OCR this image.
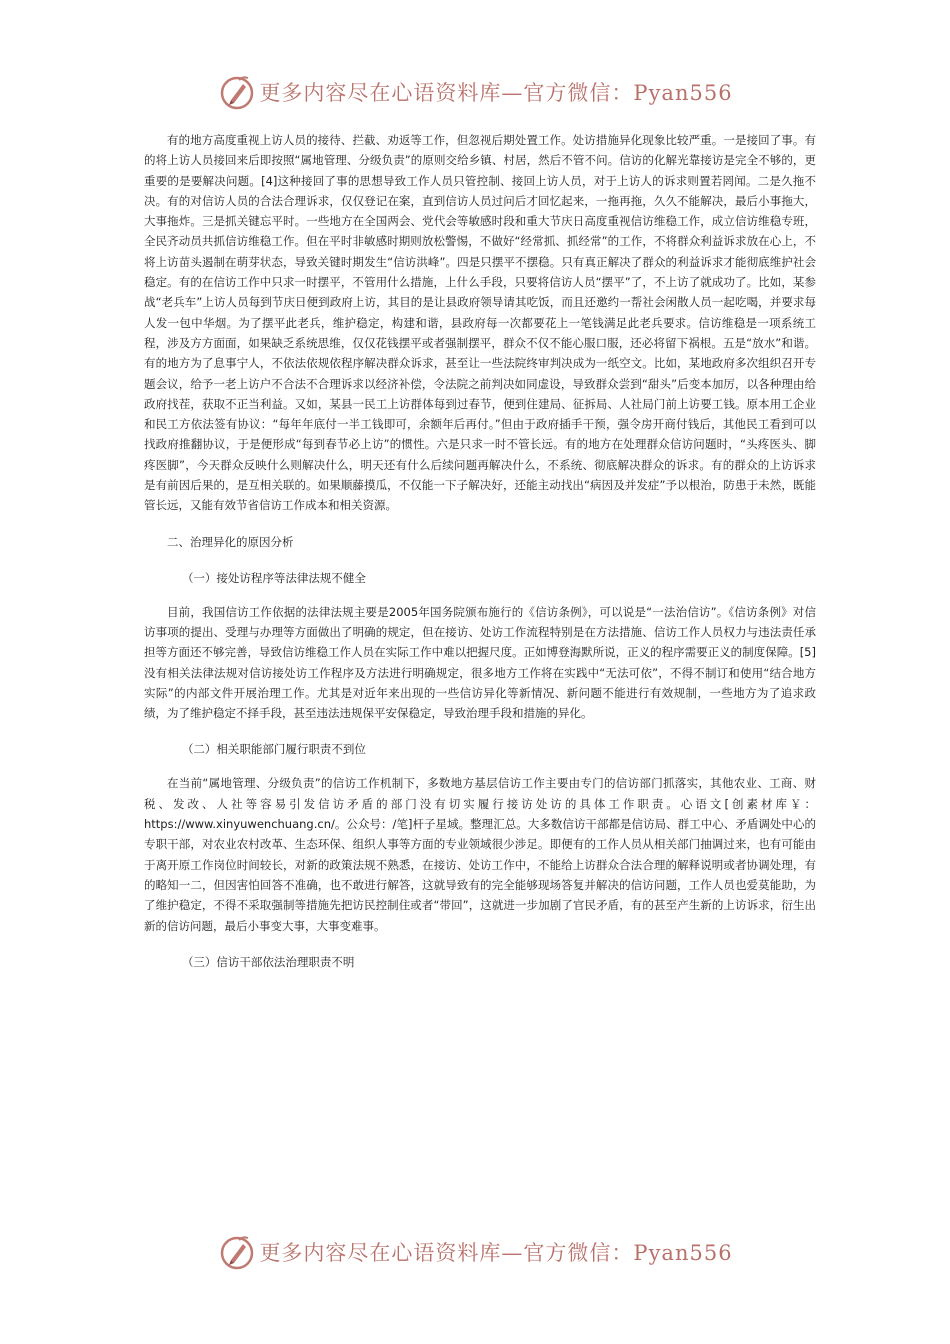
更多内容尽在心语资料库—官方微信：Pyan556

有的地方高度重视上访人员的接待、拦截、劝返等工作，但忽视后期处置工作。处访措施异化现象比较严重。一是接回了事。有的将上访人员接回来后即按照“属地管理、分级负责”的原则交给乡镇、村居，然后不管不问。信访的化解光靠接访是完全不够的，更重要的是要解决问题。[4]这种接回了事的思想导致工作人员只管控制、接回上访人员，对于上访人的诉求则置若罔闻。二是久拖不决。有的对信访人员的合法合理诉求，仅仅登记在案，直到信访人员过问后才回忆起来，一拖再拖，久久不能解决，最后小事拖大，大事拖炸。三是抓关键忘平时。一些地方在全国两会、党代会等敏感时段和重大节庆日高度重视信访维稳工作，成立信访维稳专班，全民齐动员共抓信访维稳工作。但在平时非敏感时期则放松警惕，不做好“经常抓、抓经常”的工作，不将群众利益诉求放在心上，不将上访苗头遏制在萌芽状态，导致关键时期发生“信访洪峰”。四是只摆平不摆稳。只有真正解决了群众的利益诉求才能彻底维护社会稳定。有的在信访工作中只求一时摆平，不管用什么措施，上什么手段，只要将信访人员“摆平”了，不上访了就成功了。比如，某参战“老兵车”上访人员每到节庆日便到政府上访，其目的是让县政府领导请其吃饭，而且还邀约一帮社会闲散人员一起吃喝，并要求每人发一包中华烟。为了摆平此老兵，维护稳定，构建和谐，县政府每一次都要花上一笔钱满足此老兵要求。信访维稳是一项系统工程，涉及方方面面，如果缺乏系统思维，仅仅花钱摆平或者强制摆平，群众不仅不能心服口服，还必将留下祸根。五是“放水”和谐。有的地方为了息事宁人，不依法依规依程序解决群众诉求，甚至让一些法院终审判决成为一纸空文。比如，某地政府多次组织召开专题会议，给予一老上访户不合法不合理诉求以经济补偿，令法院之前判决如同虚设，导致群众尝到“甜头”后变本加厉，以各种理由给政府找茬，获取不正当利益。又如，某县一民工上访群体每到过春节，便到住建局、征拆局、人社局门前上访要工钱。原本用工企业和民工方依法签有协议：“每年年底付一半工钱即可，余额年后再付。”但由于政府插手干预，强令房开商付钱后，其他民工看到可以找政府推翻协议，于是便形成“每到春节必上访”的惯性。六是只求一时不管长远。有的地方在处理群众信访问题时，“头疼医头、脚疼医脚”，今天群众反映什么则解决什么，明天还有什么后续问题再解决什么，不系统、彻底解决群众的诉求。有的群众的上访诉求是有前因后果的，是互相关联的。如果顺藤摸瓜，不仅能一下子解决好，还能主动找出“病因及并发症”予以根治，防患于未然，既能管长远，又能有效节省信访工作成本和相关资源。

二、治理异化的原因分析
（一）接处访程序等法律法规不健全

目前，我国信访工作依据的法律法规主要是2005年国务院颁布施行的《信访条例》，可以说是“一法治信访”。《信访条例》对信访事项的提出、受理与办理等方面做出了明确的规定，但在接访、处访工作流程特别是在方法措施、信访工作人员权力与违法责任承担等方面还不够完善，导致信访维稳工作人员在实际工作中难以把握尺度。正如博登海默所说，正义的程序需要正义的制度保障。[5]没有相关法律法规对信访接处访工作程序及方法进行明确规定，很多地方工作将在实践中“无法可依”，不得不制订和使用“结合地方实际”的内部文件开展治理工作。尤其是对近年来出现的一些信访异化等新情况、新问题不能进行有效规制，一些地方为了追求政绩，为了维护稳定不择手段，甚至违法违规保平安保稳定，导致治理手段和措施的异化。

（二）相关职能部门履行职责不到位

在当前“属地管理、分级负责”的信访工作机制下，多数地方基层信访工作主要由专门的信访部门抓落实，其他农业、工商、财税、发改、人社等容易引发信访矛盾的部门没有切实履行接访处访的具体工作职责。心语文[创素材库￥：https://www.xinyuwenchuang.cn/。公众号：/笔]杆子星域。整理汇总。大多数信访干部都是信访局、群工中心、矛盾调处中心的专职干部，对农业农村改革、生态环保、组织人事等方面的专业领域很少涉足。即便有的工作人员从相关部门抽调过来，也有可能由于离开原工作岗位时间较长，对新的政策法规不熟悉，在接访、处访工作中，不能给上访群众合法合理的解释说明或者协调处理，有的略知一二，但因害怕回答不准确，也不敢进行解答，这就导致有的完全能够现场答复并解决的信访问题，工作人员也爱莫能助，为了维护稳定，不得不采取强制等措施先把访民控制住或者“带回”，这就进一步加剧了官民矛盾，有的甚至产生新的上访诉求，衍生出新的信访问题，最后小事变大事，大事变难事。

（三）信访干部依法治理职责不明
更多内容尽在心语资料库—官方微信：Pyan556
